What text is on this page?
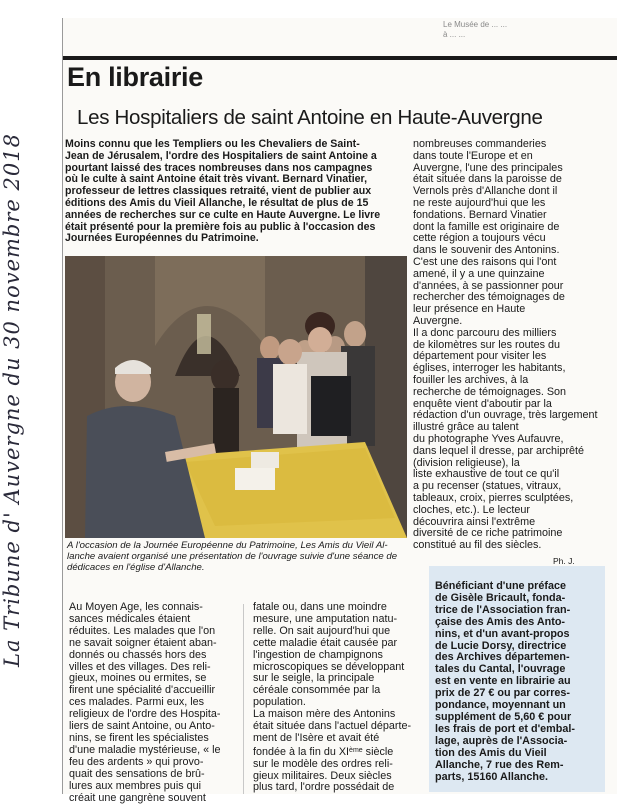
La Tribune d' Auvergne du 30 novembre 2018
Le Musée de ... ...
à ... ...
En librairie
Les Hospitaliers de saint Antoine en Haute-Auvergne
Moins connu que les Templiers ou les Chevaliers de Saint-
Jean de Jérusalem, l'ordre des Hospitaliers de saint Antoine a
pourtant laissé des traces nombreuses dans nos campagnes
où le culte à saint Antoine était très vivant. Bernard Vinatier,
professeur de lettres classiques retraité, vient de publier aux
éditions des Amis du Vieil Allanche, le résultat de plus de 15
années de recherches sur ce culte en Haute Auvergne. Le livre
était présenté pour la première fois au public à l'occasion des
Journées Européennes du Patrimoine.
nombreuses commanderies
dans toute l'Europe et en
Auvergne, l'une des principales
était située dans la paroisse de
Vernols près d'Allanche dont il
ne reste aujourd'hui que les
fondations. Bernard Vinatier
dont la famille est originaire de
cette région a toujours vécu
dans le souvenir des Antonins.
C'est une des raisons qui l'ont
amené, il y a une quinzaine
d'années, à se passionner pour
rechercher des témoignages de
leur présence en Haute
Auvergne.
Il a donc parcouru des milliers
de kilomètres sur les routes du
département pour visiter les
églises, interroger les habitants,
fouiller les archives, à la
recherche de témoignages. Son
enquête vient d'aboutir par la
rédaction d'un ouvrage, très largement
illustré grâce au talent
du photographe Yves Aufauvre,
dans lequel il dresse, par archiprêté
(division religieuse), la
liste exhaustive de tout ce qu'il
a pu recenser (statues, vitraux,
tableaux, croix, pierres sculptées,
cloches, etc.). Le lecteur
découvrira ainsi l'extrême
diversité de ce riche patrimoine
constitué au fil des siècles.
A l'occasion de la Journée Européenne du Patrimoine, Les Amis du Vieil Al-
lanche avaient organisé une présentation de l'ouvrage suivie d'une séance de
dédicaces en l'église d'Allanche.
Ph. J.
Au Moyen Age, les connais-
sances médicales étaient
réduites. Les malades que l'on
ne savait soigner étaient aban-
donnés ou chassés hors des
villes et des villages. Des reli-
gieux, moines ou ermites, se
firent une spécialité d'accueillir
ces malades. Parmi eux, les
religieux de l'ordre des Hospita-
liers de saint Antoine, ou Anto-
nins, se firent les spécialistes
d'une maladie mystérieuse, « le
feu des ardents » qui provo-
quait des sensations de brû-
lures aux membres puis qui
créait une gangrène souvent
fatale ou, dans une moindre
mesure, une amputation natu-
relle. On sait aujourd'hui que
cette maladie était causée par
l'ingestion de champignons
microscopiques se développant
sur le seigle, la principale
céréale consommée par la
population.
La maison mère des Antonins
était située dans l'actuel départe-
ment de l'Isère et avait été
fondée à la fin du XIème siècle
sur le modèle des ordres reli-
gieux militaires. Deux siècles
plus tard, l'ordre possédait de
Bénéficiant d'une préface
de Gisèle Bricault, fonda-
trice de l'Association fran-
çaise des Amis des Anto-
nins, et d'un avant-propos
de Lucie Dorsy, directrice
des Archives départemen-
tales du Cantal, l'ouvrage
est en vente en librairie au
prix de 27 € ou par corres-
pondance, moyennant un
supplément de 5,60 € pour
les frais de port et d'embal-
lage, auprès de l'Associa-
tion des Amis du Vieil
Allanche, 7 rue des Rem-
parts, 15160 Allanche.
